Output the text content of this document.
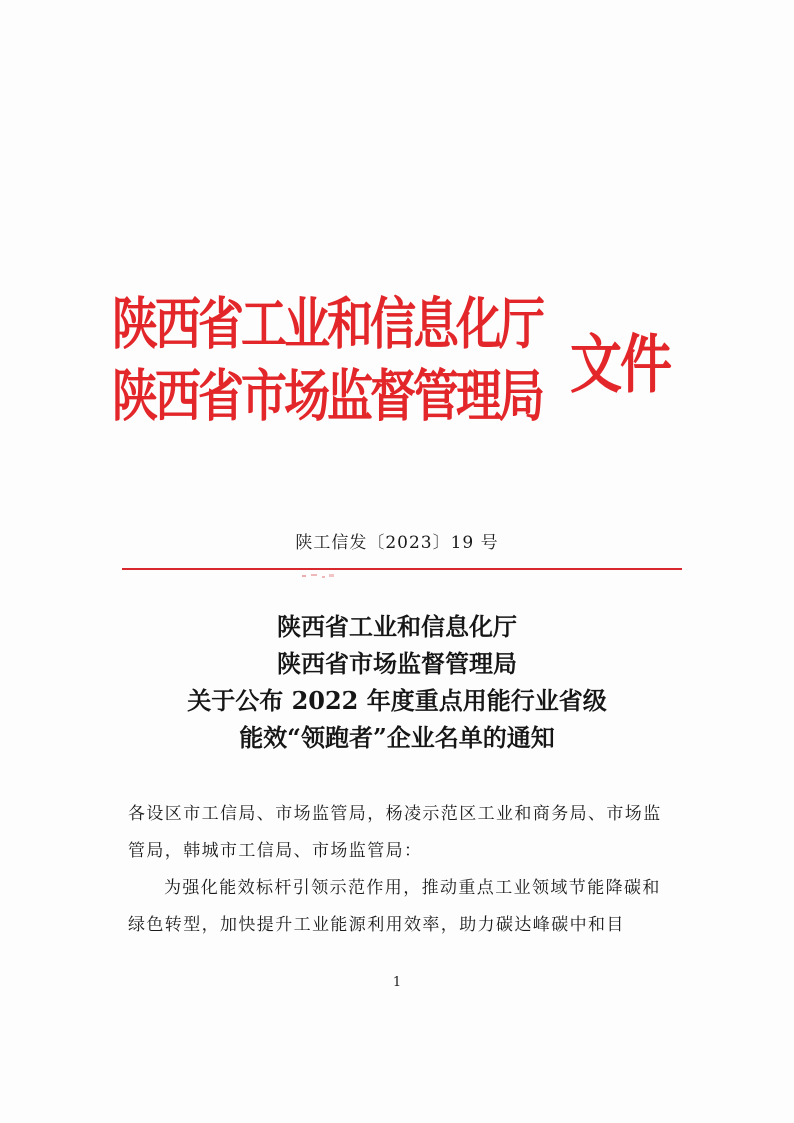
陕西省工业和信息化厅
陕西省市场监督管理局 文件
陕工信发〔2023〕19 号
陕西省工业和信息化厅
陕西省市场监督管理局
关于公布 2022 年度重点用能行业省级
能效“领跑者”企业名单的通知

各设区市工信局、市场监管局，杨凌示范区工业和商务局、市场监管局，韩城市工信局、市场监管局：

为强化能效标杆引领示范作用，推动重点工业领域节能降碳和绿色转型，加快提升工业能源利用效率，助力碳达峰碳中和目

1
